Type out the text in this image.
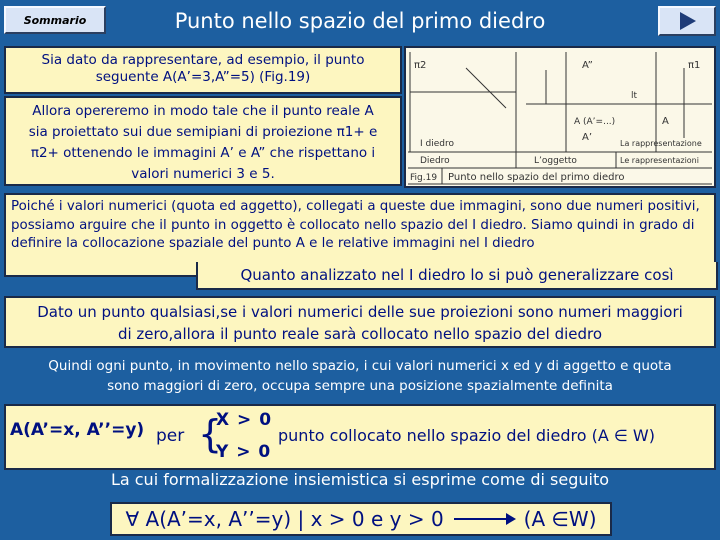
Sommario	Punto nello spazio del primo diedro
Sia dato da rappresentare, ad esempio, il punto
seguente A(A’=3,A”=5) (Fig.19)
Allora opereremo in modo tale che il punto reale A
sia proiettato sui due semipiani di proiezione π1+ e
π2+ ottenendo le immagini A’ e A” che rispettano i
valori numerici 3 e 5.
π2	A”
A (A’=...)
A’
lt
A
π1
I diedro
Diedro	L’oggetto
La rappresentazione
Le rappresentazioni
Fig.19 Punto nello spazio del primo diedro
Poiché i valori numerici (quota ed aggetto), collegati a queste due immagini, sono due numeri positivi, possiamo arguire che il punto in oggetto è collocato nello spazio del I diedro. Siamo quindi in grado di definire la collocazione spaziale del punto A e le relative immagini nel I diedro
Quanto analizzato nel I diedro lo si può generalizzare così
Dato un punto qualsiasi,se i valori numerici delle sue proiezioni sono numeri maggiori
di zero,allora il punto reale sarà collocato nello spazio del diedro
Quindi ogni punto, in movimento nello spazio, i cui valori numerici x ed y di aggetto e quota
sono maggiori di zero, occupa sempre una posizione spazialmente definita
A(A’=x, A’’=y) per {
X > 0
Y > 0
punto collocato nello spazio del diedro (A ∈ W)
La cui formalizzazione insiemistica si esprime come di seguito
∀ A(A’=x, A’’=y) | x > 0 e y > 0	(A ∈W)
